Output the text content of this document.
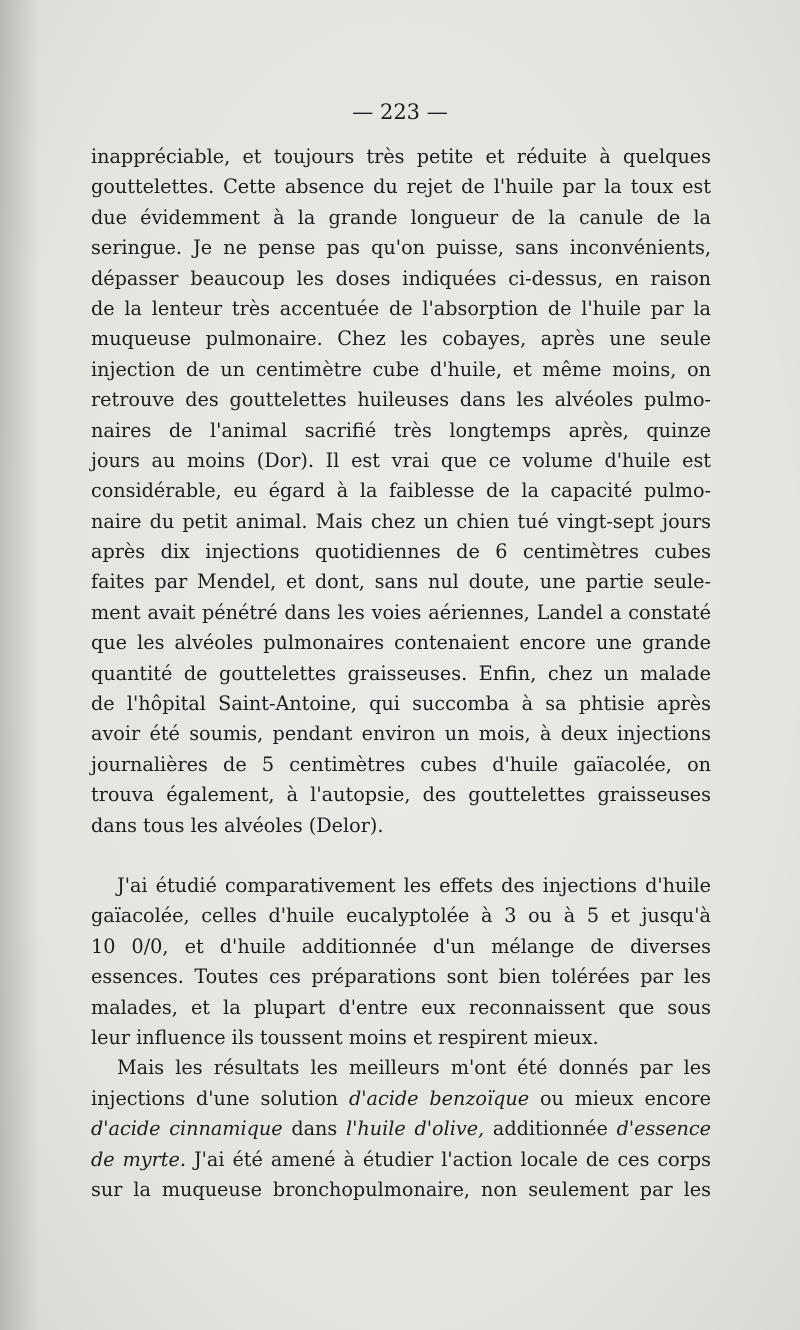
— 223 —
inappréciable, et toujours très petite et réduite à quelques
gouttelettes. Cette absence du rejet de l'huile par la toux est
due évidemment à la grande longueur de la canule de la
seringue. Je ne pense pas qu'on puisse, sans inconvénients,
dépasser beaucoup les doses indiquées ci-dessus, en raison
de la lenteur très accentuée de l'absorption de l'huile par la
muqueuse pulmonaire. Chez les cobayes, après une seule
injection de un centimètre cube d'huile, et même moins, on
retrouve des gouttelettes huileuses dans les alvéoles pulmo-
naires de l'animal sacrifié très longtemps après, quinze
jours au moins (Dor). Il est vrai que ce volume d'huile est
considérable, eu égard à la faiblesse de la capacité pulmo-
naire du petit animal. Mais chez un chien tué vingt-sept jours
après dix injections quotidiennes de 6 centimètres cubes
faites par Mendel, et dont, sans nul doute, une partie seule-
ment avait pénétré dans les voies aériennes, Landel a constaté
que les alvéoles pulmonaires contenaient encore une grande
quantité de gouttelettes graisseuses. Enfin, chez un malade
de l'hôpital Saint-Antoine, qui succomba à sa phtisie après
avoir été soumis, pendant environ un mois, à deux injections
journalières de 5 centimètres cubes d'huile gaïacolée, on
trouva également, à l'autopsie, des gouttelettes graisseuses
dans tous les alvéoles (Delor).
J'ai étudié comparativement les effets des injections d'huile
gaïacolée, celles d'huile eucalyptolée à 3 ou à 5 et jusqu'à
10 0/0, et d'huile additionnée d'un mélange de diverses
essences. Toutes ces préparations sont bien tolérées par les
malades, et la plupart d'entre eux reconnaissent que sous
leur influence ils toussent moins et respirent mieux.
Mais les résultats les meilleurs m'ont été donnés par les
injections d'une solution d'acide benzoïque ou mieux encore
d'acide cinnamique dans l'huile d'olive, additionnée d'essence
de myrte. J'ai été amené à étudier l'action locale de ces corps
sur la muqueuse bronchopulmonaire, non seulement par les
